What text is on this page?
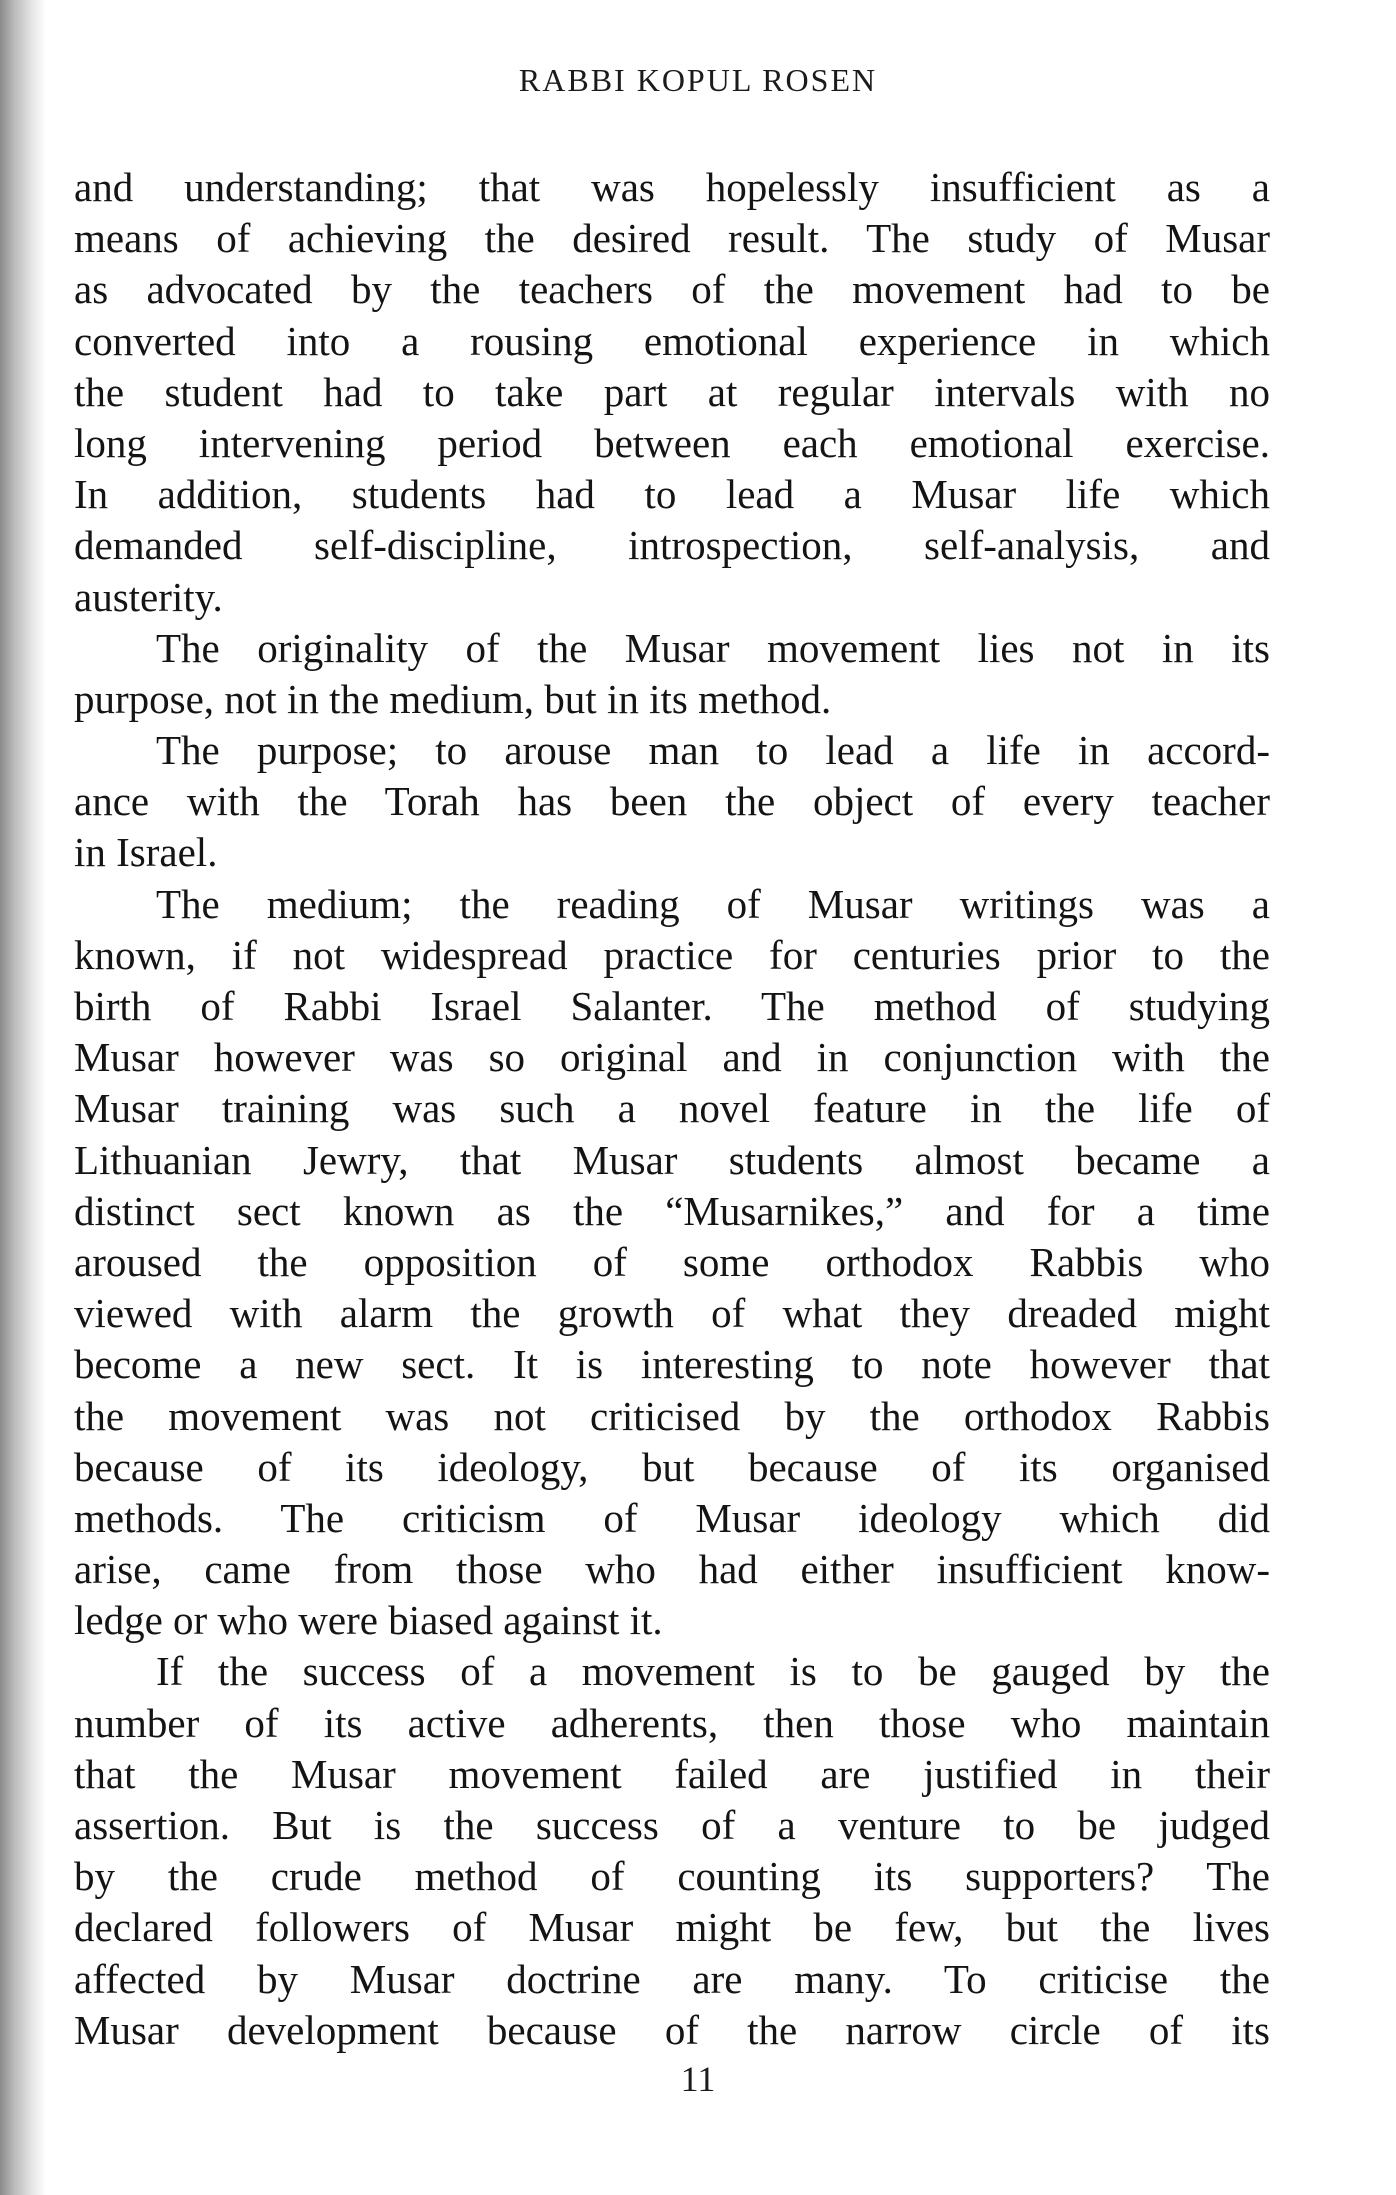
RABBI KOPUL ROSEN
and understanding; that was hopelessly insufficient as a
means of achieving the desired result. The study of Musar
as advocated by the teachers of the movement had to be
converted into a rousing emotional experience in which
the student had to take part at regular intervals with no
long intervening period between each emotional exercise.
In addition, students had to lead a Musar life which
demanded self-discipline, introspection, self-analysis, and
austerity.
The originality of the Musar movement lies not in its
purpose, not in the medium, but in its method.
The purpose; to arouse man to lead a life in accord-
ance with the Torah has been the object of every teacher
in Israel.
The medium; the reading of Musar writings was a
known, if not widespread practice for centuries prior to the
birth of Rabbi Israel Salanter. The method of studying
Musar however was so original and in conjunction with the
Musar training was such a novel feature in the life of
Lithuanian Jewry, that Musar students almost became a
distinct sect known as the “Musarnikes,” and for a time
aroused the opposition of some orthodox Rabbis who
viewed with alarm the growth of what they dreaded might
become a new sect. It is interesting to note however that
the movement was not criticised by the orthodox Rabbis
because of its ideology, but because of its organised
methods. The criticism of Musar ideology which did
arise, came from those who had either insufficient know-
ledge or who were biased against it.
If the success of a movement is to be gauged by the
number of its active adherents, then those who maintain
that the Musar movement failed are justified in their
assertion. But is the success of a venture to be judged
by the crude method of counting its supporters? The
declared followers of Musar might be few, but the lives
affected by Musar doctrine are many. To criticise the
Musar development because of the narrow circle of its
11
